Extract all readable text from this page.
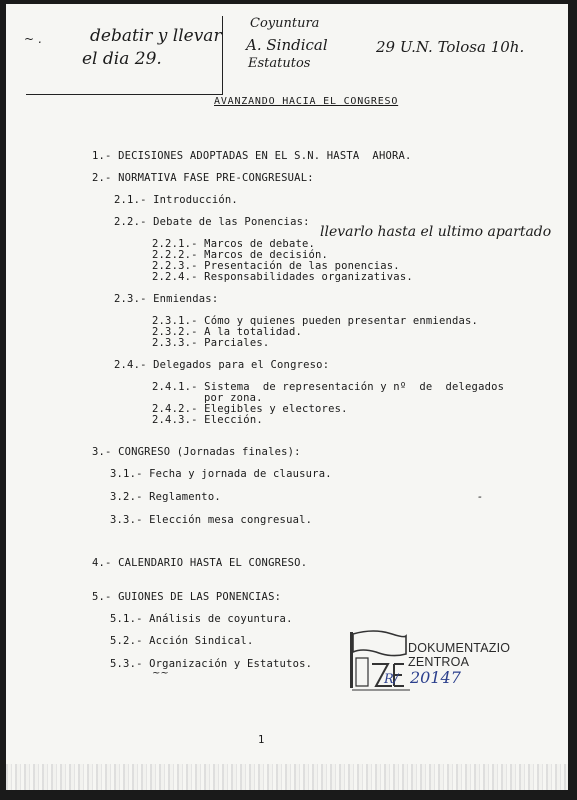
debatir y llevar
el dia 29.
~ .
Coyuntura
A. Sindical
Estatutos
29 U.N. Tolosa 10h.
AVANZANDO HACIA EL CONGRESO
1.- DECISIONES ADOPTADAS EN EL S.N. HASTA  AHORA.
2.- NORMATIVA FASE PRE-CONGRESUAL:
2.1.- Introducción.
2.2.- Debate de las Ponencias:
2.2.1.- Marcos de debate.
llevarlo hasta el ultimo apartado
2.2.2.- Marcos de decisión.
2.2.3.- Presentación de las ponencias.
2.2.4.- Responsabilidades organizativas.
2.3.- Enmiendas:
2.3.1.- Cómo y quienes pueden presentar enmiendas.
2.3.2.- A la totalidad.
2.3.3.- Parciales.
2.4.- Delegados para el Congreso:
2.4.1.- Sistema  de representación y nº  de  delegados
por zona.
2.4.2.- Elegibles y electores.
2.4.3.- Elección.
3.- CONGRESO (Jornadas finales):
3.1.- Fecha y jornada de clausura.
3.2.- Reglamento.
3.3.- Elección mesa congresual.
4.- CALENDARIO HASTA EL CONGRESO.
5.- GUIONES DE LAS PONENCIAS:
5.1.- Análisis de coyuntura.
5.2.- Acción Sindical.
5.3.- Organización y Estatutos.
DOKUMENTAZIO
ZENTROA
R/ 20147
-
~~
1
